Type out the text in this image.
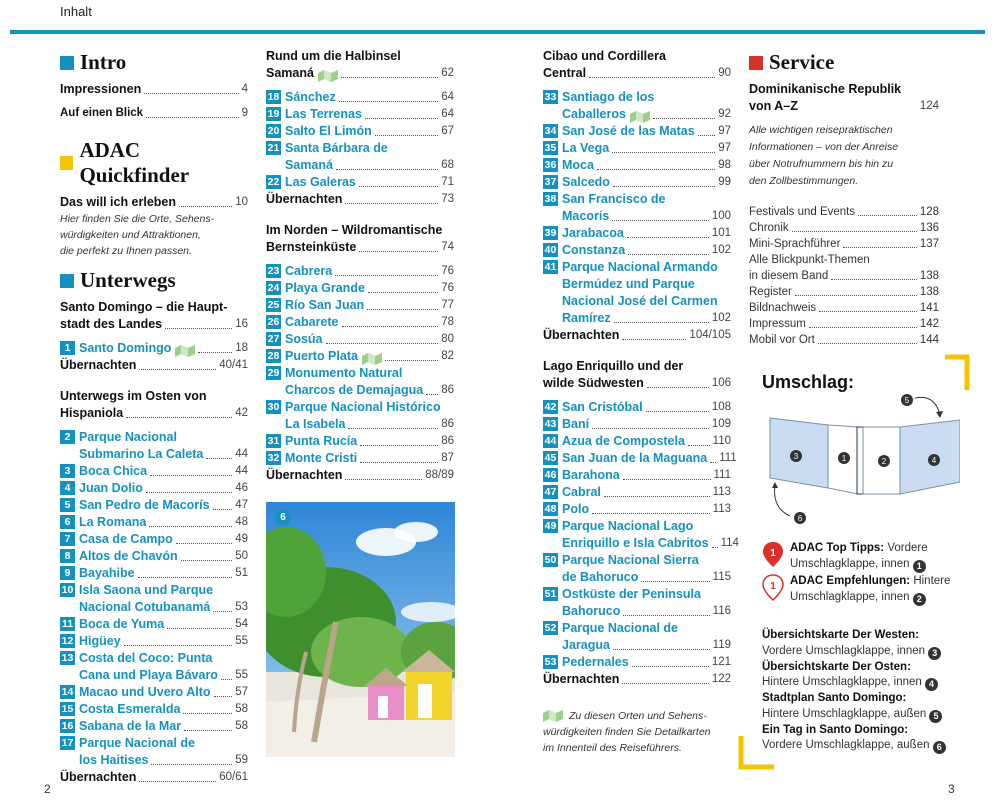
Inhalt
Intro
Impressionen	4
Auf einen Blick	9
ADAC Quickfinder
Das will ich erleben	10
Hier finden Sie die Orte, Sehens-
würdigkeiten und Attraktionen,
die perfekt zu Ihnen passen.
Unterwegs
Santo Domingo – die Haupt-
stadt des Landes	16
1 Santo Domingo	18
Übernachten	40/41
Unterwegs im Osten von
Hispaniola	42
2 Parque Nacional
Submarino La Caleta	44
3 Boca Chica	44
4 Juan Dolio	46
5 San Pedro de Macorís 47
6 La Romana	48
7 Casa de Campo	49
8 Altos de Chavón	50
9 Bayahibe	51
10 Isla Saona und Parque
Nacional Cotubanamá 53
11 Boca de Yuma	54
12 Higüey	55
13 Costa del Coco: Punta
Cana und Playa Bávaro 55
14 Macao und Uvero Alto 57
15 Costa Esmeralda	58
16 Sabana de la Mar	58
17 Parque Nacional de
los Haitises	59
Übernachten	60/61
Rund um die Halbinsel
Samaná	62
18 Sánchez	64
19 Las Terrenas	64
20 Salto El Limón	67
21 Santa Bárbara de
Samaná	68
22 Las Galeras	71
Übernachten	73
Im Norden – Wildromantische
Bernsteinküste	74
23 Cabrera	76
24 Playa Grande	76
25 Río San Juan	77
26 Cabarete	78
27 Sosúa	80
28 Puerto Plata	82
29 Monumento Natural
Charcos de Demajagua 86
30 Parque Nacional Histórico
La Isabela	86
31 Punta Rucía	86
32 Monte Cristi	87
Übernachten	88/89
6
Cibao und Cordillera
Central	90
33 Santiago de los
Caballeros	92
34 San José de las Matas 97
35 La Vega	97
36 Moca	98
37 Salcedo	99
38 San Francisco de
Macorís	100
39 Jarabacoa	101
40 Constanza	102
41 Parque Nacional Armando
Bermúdez und Parque
Nacional José del Carmen
Ramírez	102
Übernachten	104/105
Lago Enriquillo und der
wilde Südwesten	106
42 San Cristóbal	108
43 Baní	109
44 Azua de Compostela 110
45 San Juan de la Maguana 111
46 Barahona	111
47 Cabral	113
48 Polo	113
49 Parque Nacional Lago
Enriquillo e Isla Cabritos 114
50 Parque Nacional Sierra
de Bahoruco	115
51 Ostküste der Peninsula
Bahoruco	116
52 Parque Nacional de
Jaragua	119
53 Pedernales	121
Übernachten	122
Zu diesen Orten und Sehens-
würdigkeiten finden Sie Detailkarten
im Innenteil des Reiseführers.
Service
Dominikanische Republik
von A–Z	124
Alle wichtigen reisepraktischen
Informationen – von der Anreise
über Notrufnummern bis hin zu
den Zollbestimmungen.
Festivals und Events	128
Chronik	136
Mini-Sprachführer	137
Alle Blickpunkt-Themen
in diesem Band	138
Register	138
Bildnachweis	141
Impressum	142
Mobil vor Ort	144
Umschlag:
3	1	2	4
5
6
1 ADAC Top Tipps: Vordere
Umschlagklappe, innen 1
1 ADAC Empfehlungen: Hintere
Umschlagklappe, innen 2
Übersichtskarte Der Westen:
Vordere Umschlagklappe, innen 3
Übersichtskarte Der Osten:
Hintere Umschlagklappe, innen 4
Stadtplan Santo Domingo:
Hintere Umschlagklappe, außen 5
Ein Tag in Santo Domingo:
Vordere Umschlagklappe, außen 6
2	3
